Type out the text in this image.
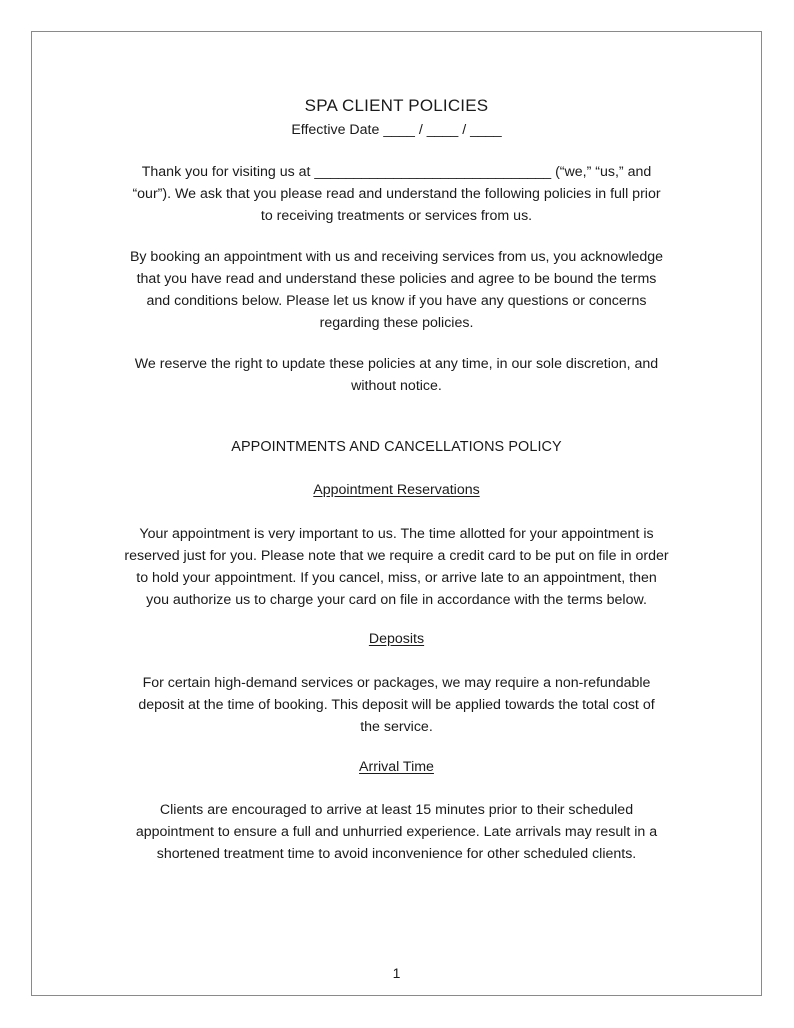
SPA CLIENT POLICIES
Effective Date ____ / ____ / ____
Thank you for visiting us at ______________________________ (“we,” “us,” and
“our”). We ask that you please read and understand the following policies in full prior
to receiving treatments or services from us.
By booking an appointment with us and receiving services from us, you acknowledge
that you have read and understand these policies and agree to be bound the terms
and conditions below. Please let us know if you have any questions or concerns
regarding these policies.
We reserve the right to update these policies at any time, in our sole discretion, and
without notice.
APPOINTMENTS AND CANCELLATIONS POLICY
Appointment Reservations
Your appointment is very important to us. The time allotted for your appointment is
reserved just for you. Please note that we require a credit card to be put on file in order
to hold your appointment. If you cancel, miss, or arrive late to an appointment, then
you authorize us to charge your card on file in accordance with the terms below.
Deposits
For certain high-demand services or packages, we may require a non-refundable
deposit at the time of booking. This deposit will be applied towards the total cost of
the service.
Arrival Time
Clients are encouraged to arrive at least 15 minutes prior to their scheduled
appointment to ensure a full and unhurried experience. Late arrivals may result in a
shortened treatment time to avoid inconvenience for other scheduled clients.
1
